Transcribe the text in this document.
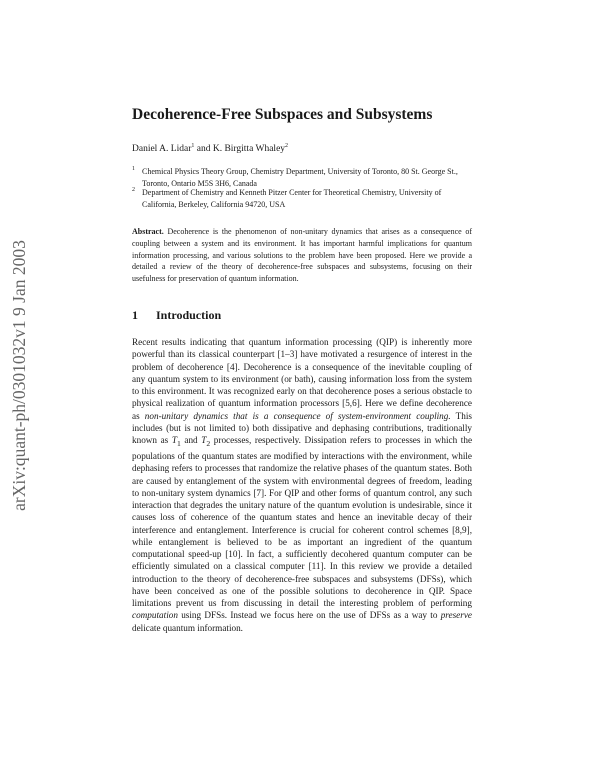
arXiv:quant-ph/0301032v1 9 Jan 2003
Decoherence-Free Subspaces and Subsystems
Daniel A. Lidar$^1$ and K. Birgitta Whaley$^2$
1 Chemical Physics Theory Group, Chemistry Department, University of Toronto, 80 St. George St., Toronto, Ontario M5S 3H6, Canada
2 Department of Chemistry and Kenneth Pitzer Center for Theoretical Chemistry, University of California, Berkeley, California 94720, USA
Abstract. Decoherence is the phenomenon of non-unitary dynamics that arises as a consequence of coupling between a system and its environment. It has important harmful implications for quantum information processing, and various solutions to the problem have been proposed. Here we provide a detailed a review of the theory of decoherence-free subspaces and subsystems, focusing on their usefulness for preservation of quantum information.
1 Introduction

Recent results indicating that quantum information processing (QIP) is inherently more powerful than its classical counterpart [1–3] have motivated a resurgence of interest in the problem of decoherence [4]. Decoherence is a consequence of the inevitable coupling of any quantum system to its environment (or bath), causing information loss from the system to this environment. It was recognized early on that decoherence poses a serious obstacle to physical realization of quantum information processors [5,6]. Here we define decoherence as non-unitary dynamics that is a consequence of system-environment coupling. This includes (but is not limited to) both dissipative and dephasing contributions, traditionally known as $T_1$ and $T_2$ processes, respectively. Dissipation refers to processes in which the populations of the quantum states are modified by interactions with the environment, while dephasing refers to processes that randomize the relative phases of the quantum states. Both are caused by entanglement of the system with environmental degrees of freedom, leading to non-unitary system dynamics [7]. For QIP and other forms of quantum control, any such interaction that degrades the unitary nature of the quantum evolution is undesirable, since it causes loss of coherence of the quantum states and hence an inevitable decay of their interference and entanglement. Interference is crucial for coherent control schemes [8,9], while entanglement is believed to be as important an ingredient of the quantum computational speed-up [10]. In fact, a sufficiently decohered quantum computer can be efficiently simulated on a classical computer [11]. In this review we provide a detailed introduction to the theory of decoherence-free subspaces and subsystems (DFSs), which have been conceived as one of the possible solutions to decoherence in QIP. Space limitations prevent us from discussing in detail the interesting problem of performing computation using DFSs. Instead we focus here on the use of DFSs as a way to preserve delicate quantum information.
